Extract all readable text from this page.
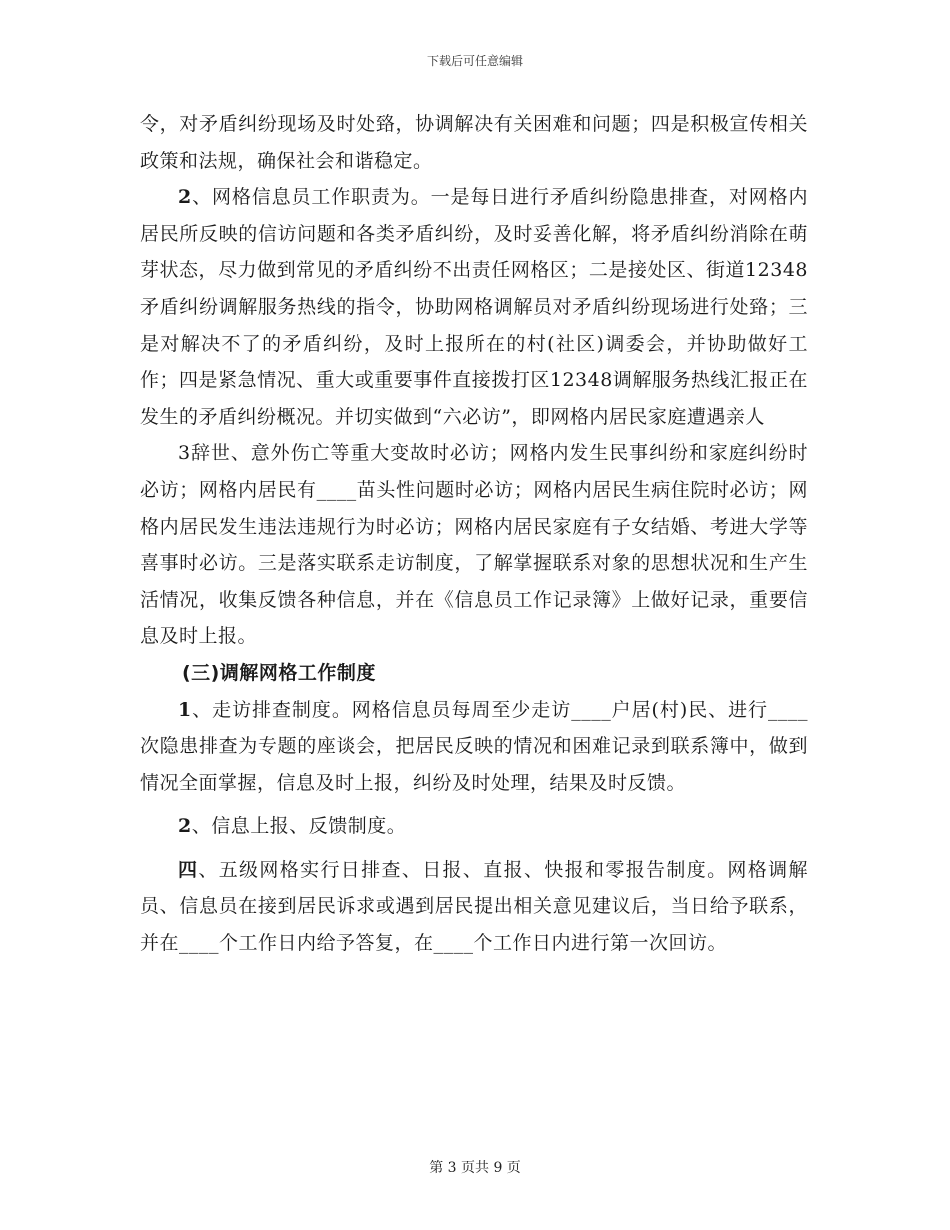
下载后可任意编辑

令，对矛盾纠纷现场及时处臵，协调解决有关困难和问题；四是积极宣传相关政策和法规，确保社会和谐稳定。

2、网格信息员工作职责为。一是每日进行矛盾纠纷隐患排查，对网格内居民所反映的信访问题和各类矛盾纠纷，及时妥善化解，将矛盾纠纷消除在萌芽状态，尽力做到常见的矛盾纠纷不出责任网格区；二是接处区、街道12348矛盾纠纷调解服务热线的指令，协助网格调解员对矛盾纠纷现场进行处臵；三是对解决不了的矛盾纠纷，及时上报所在的村(社区)调委会，并协助做好工作；四是紧急情况、重大或重要事件直接拨打区12348调解服务热线汇报正在发生的矛盾纠纷概况。并切实做到“六必访”，即网格内居民家庭遭遇亲人

3辞世、意外伤亡等重大变故时必访；网格内发生民事纠纷和家庭纠纷时必访；网格内居民有____苗头性问题时必访；网格内居民生病住院时必访；网格内居民发生违法违规行为时必访；网格内居民家庭有子女结婚、考进大学等喜事时必访。三是落实联系走访制度，了解掌握联系对象的思想状况和生产生活情况，收集反馈各种信息，并在《信息员工作记录簿》上做好记录，重要信息及时上报。

(三)调解网格工作制度

1、走访排查制度。网格信息员每周至少走访____户居(村)民、进行____次隐患排查为专题的座谈会，把居民反映的情况和困难记录到联系簿中，做到情况全面掌握，信息及时上报，纠纷及时处理，结果及时反馈。

2、信息上报、反馈制度。

四、五级网格实行日排查、日报、直报、快报和零报告制度。网格调解员、信息员在接到居民诉求或遇到居民提出相关意见建议后，当日给予联系，并在____个工作日内给予答复，在____个工作日内进行第一次回访。

第 3 页共 9 页
